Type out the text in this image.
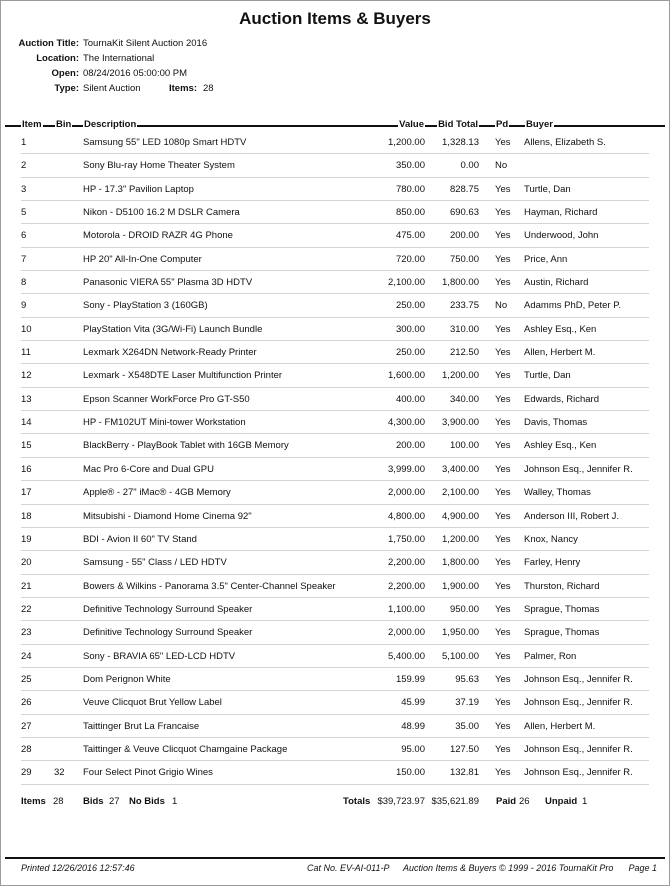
Auction Items & Buyers
Auction Title: TournaKit Silent Auction 2016
Location: The International
Open: 08/24/2016 05:00:00 PM
Type: Silent Auction	Items: 28
Item Bin Description	Value Bid Total Pd Buyer
1	Samsung 55" LED 1080p Smart HDTV	1,200.00 1,328.13 Yes Allens, Elizabeth S.
2	Sony Blu-ray Home Theater System	350.00	0.00 No
3	HP - 17.3" Pavilion Laptop	780.00	828.75 Yes Turtle, Dan
5	Nikon - D5100 16.2 M DSLR Camera	850.00	690.63 Yes Hayman, Richard
6	Motorola - DROID RAZR 4G Phone	475.00	200.00 Yes Underwood, John
7	HP 20" All-In-One Computer	720.00	750.00 Yes Price, Ann
8	Panasonic VIERA 55" Plasma 3D HDTV	2,100.00 1,800.00 Yes Austin, Richard
9	Sony - PlayStation 3 (160GB)	250.00	233.75 No Adamms PhD, Peter P.
10	PlayStation Vita (3G/Wi-Fi) Launch Bundle	300.00	310.00 Yes Ashley Esq., Ken
11	Lexmark X264DN Network-Ready Printer	250.00	212.50 Yes Allen, Herbert M.
12	Lexmark - X548DTE Laser Multifunction Printer	1,600.00 1,200.00 Yes Turtle, Dan
13	Epson Scanner WorkForce Pro GT-S50	400.00	340.00 Yes Edwards, Richard
14	HP - FM102UT Mini-tower Workstation	4,300.00 3,900.00 Yes Davis, Thomas
15	BlackBerry - PlayBook Tablet with 16GB Memory	200.00	100.00 Yes Ashley Esq., Ken
16	Mac Pro 6-Core and Dual GPU	3,999.00 3,400.00 Yes Johnson Esq., Jennifer R.
17	Apple® - 27" iMac® - 4GB Memory	2,000.00 2,100.00 Yes Walley, Thomas
18	Mitsubishi - Diamond Home Cinema 92"	4,800.00 4,900.00 Yes Anderson III, Robert J.
19	BDI - Avion II 60" TV Stand	1,750.00 1,200.00 Yes Knox, Nancy
20	Samsung - 55" Class / LED HDTV	2,200.00 1,800.00 Yes Farley, Henry
21	Bowers & Wilkins - Panorama 3.5" Center-Channel Speaker	2,200.00 1,900.00 Yes Thurston, Richard
22	Definitive Technology Surround Speaker	1,100.00	950.00 Yes Sprague, Thomas
23	Definitive Technology Surround Speaker	2,000.00 1,950.00 Yes Sprague, Thomas
24	Sony - BRAVIA 65" LED-LCD HDTV	5,400.00 5,100.00 Yes Palmer, Ron
25	Dom Perignon White	159.99	95.63 Yes Johnson Esq., Jennifer R.
26	Veuve Clicquot Brut Yellow Label	45.99	37.19 Yes Johnson Esq., Jennifer R.
27	Taittinger Brut La Francaise	48.99	35.00 Yes Allen, Herbert M.
28	Taittinger & Veuve Clicquot Chamgaine Package	95.00	127.50 Yes Johnson Esq., Jennifer R.
29 32 Four Select Pinot Grigio Wines	150.00	132.81 Yes Johnson Esq., Jennifer R.
Items 28 Bids 27 No Bids 1	Totals $39,723.97 $35,621.89 Paid 26 Unpaid 1
Printed 12/26/2016 12:57:46	Cat No. EV-AI-011-P Auction Items & Buyers © 1999 - 2016 TournaKit Pro Page 1
